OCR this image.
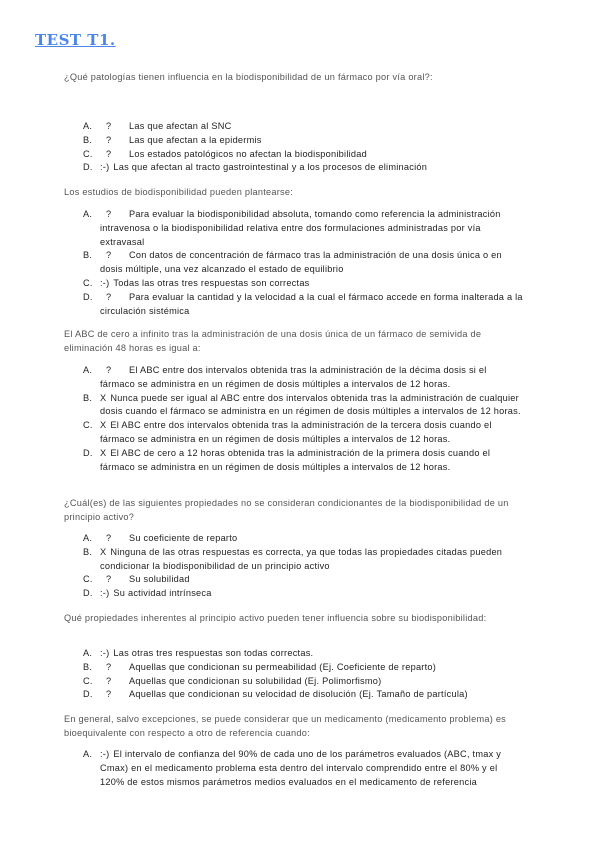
TEST T1.
¿Qué patologías tienen influencia en la biodisponibilidad de un fármaco por vía oral?:
A. ? Las que afectan al SNC
B. ? Las que afectan a la epidermis
C. ? Los estados patológicos no afectan la biodisponibilidad
D. :-) Las que afectan al tracto gastrointestinal y a los procesos de eliminación
Los estudios de biodisponibilidad pueden plantearse:
A. ? Para evaluar la biodisponibilidad absoluta, tomando como referencia la administración intravenosa o la biodisponibilidad relativa entre dos formulaciones administradas por vía extravasal
B. ? Con datos de concentración de fármaco tras la administración de una dosis única o en dosis múltiple, una vez alcanzado el estado de equilibrio
C. :-) Todas las otras tres respuestas son correctas
D. ? Para evaluar la cantidad y la velocidad a la cual el fármaco accede en forma inalterada a la circulación sistémica
El ABC de cero a infinito tras la administración de una dosis única de un fármaco de semivida de eliminación 48 horas es igual a:
A. ? El ABC entre dos intervalos obtenida tras la administración de la décima dosis si el fármaco se administra en un régimen de dosis múltiples a intervalos de 12 horas.
B. X Nunca puede ser igual al ABC entre dos intervalos obtenida tras la administración de cualquier dosis cuando el fármaco se administra en un régimen de dosis múltiples a intervalos de 12 horas.
C. X El ABC entre dos intervalos obtenida tras la administración de la tercera dosis cuando el fármaco se administra en un régimen de dosis múltiples a intervalos de 12 horas.
D. X El ABC de cero a 12 horas obtenida tras la administración de la primera dosis cuando el fármaco se administra en un régimen de dosis múltiples a intervalos de 12 horas.
¿Cuál(es) de las siguientes propiedades no se consideran condicionantes de la biodisponibilidad de un principio activo?
A. ? Su coeficiente de reparto
B. X Ninguna de las otras respuestas es correcta, ya que todas las propiedades citadas pueden condicionar la biodisponibilidad de un principio activo
C. ? Su solubilidad
D. :-) Su actividad intrínseca
Qué propiedades inherentes al principio activo pueden tener influencia sobre su biodisponibilidad:
A. :-) Las otras tres respuestas son todas correctas.
B. ? Aquellas que condicionan su permeabilidad (Ej. Coeficiente de reparto)
C. ? Aquellas que condicionan su solubilidad (Ej. Polimorfismo)
D. ? Aquellas que condicionan su velocidad de disolución (Ej. Tamaño de partícula)
En general, salvo excepciones, se puede considerar que un medicamento (medicamento problema) es bioequivalente con respecto a otro de referencia cuando:
A. :-) El intervalo de confianza del 90% de cada uno de los parámetros evaluados (ABC, tmax y Cmax) en el medicamento problema esta dentro del intervalo comprendido entre el 80% y el 120% de estos mismos parámetros medios evaluados en el medicamento de referencia
